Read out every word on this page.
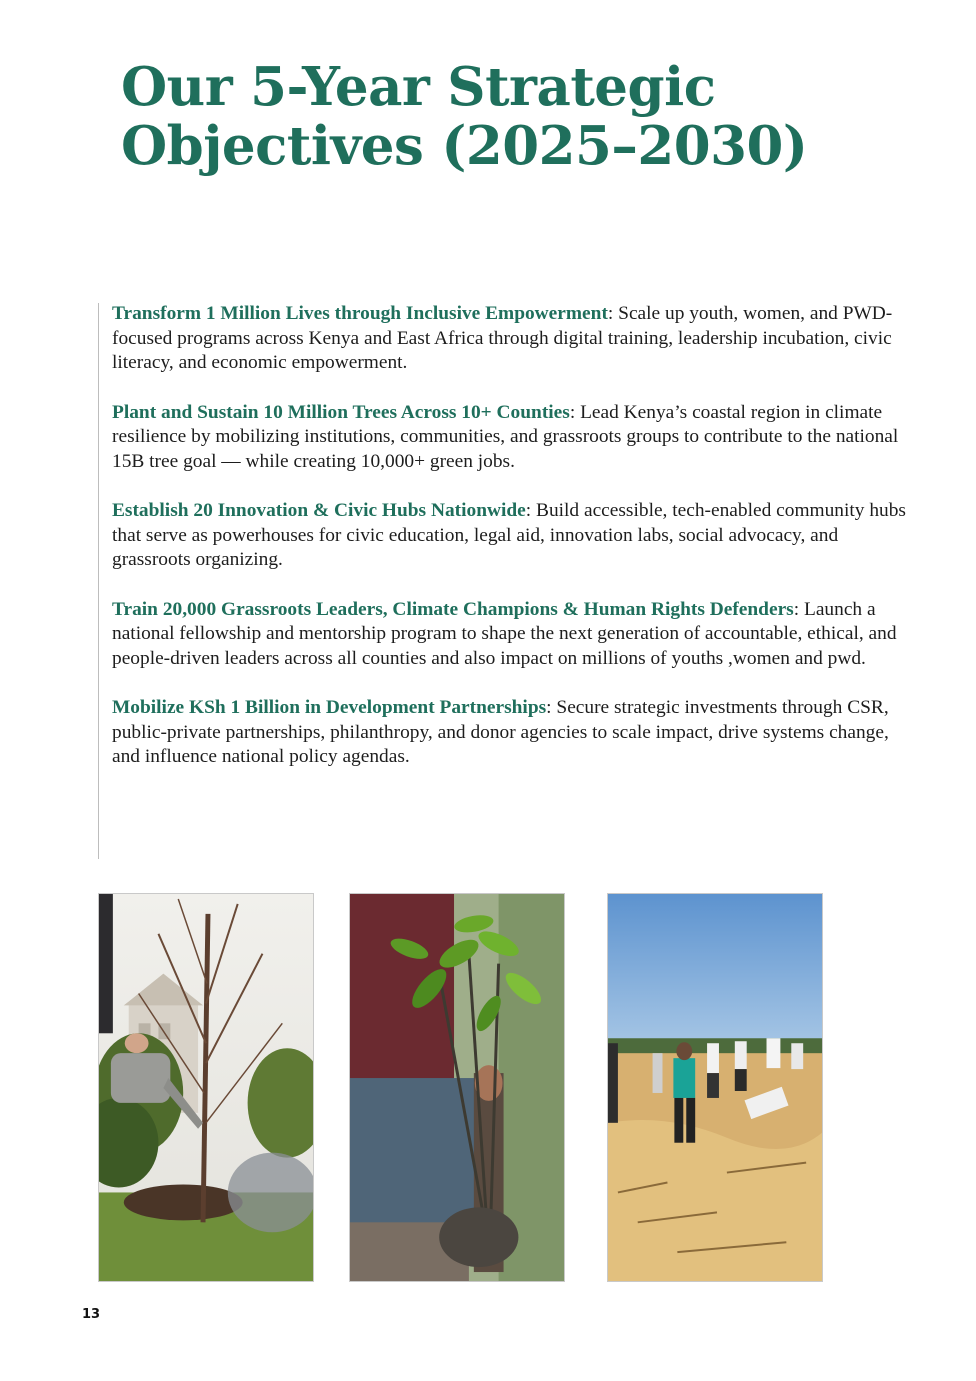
Our 5-Year Strategic Objectives (2025–2030)

Transform 1 Million Lives through Inclusive Empowerment: Scale up youth, women, and PWD-focused programs across Kenya and East Africa through digital training, leadership incubation, civic literacy, and economic empowerment.

Plant and Sustain 10 Million Trees Across 10+ Counties: Lead Kenya’s coastal region in climate resilience by mobilizing institutions, communities, and grassroots groups to contribute to the national 15B tree goal — while creating 10,000+ green jobs.

Establish 20 Innovation & Civic Hubs Nationwide: Build accessible, tech-enabled community hubs that serve as powerhouses for civic education, legal aid, innovation labs, social advocacy, and grassroots organizing.

Train 20,000 Grassroots Leaders, Climate Champions & Human Rights Defenders: Launch a national fellowship and mentorship program to shape the next generation of accountable, ethical, and people-driven leaders across all counties and also impact on millions of youths ,women and pwd.

Mobilize KSh 1 Billion in Development Partnerships: Secure strategic investments through CSR, public-private partnerships, philanthropy, and donor agencies to scale impact, drive systems change, and influence national policy agendas.

13
